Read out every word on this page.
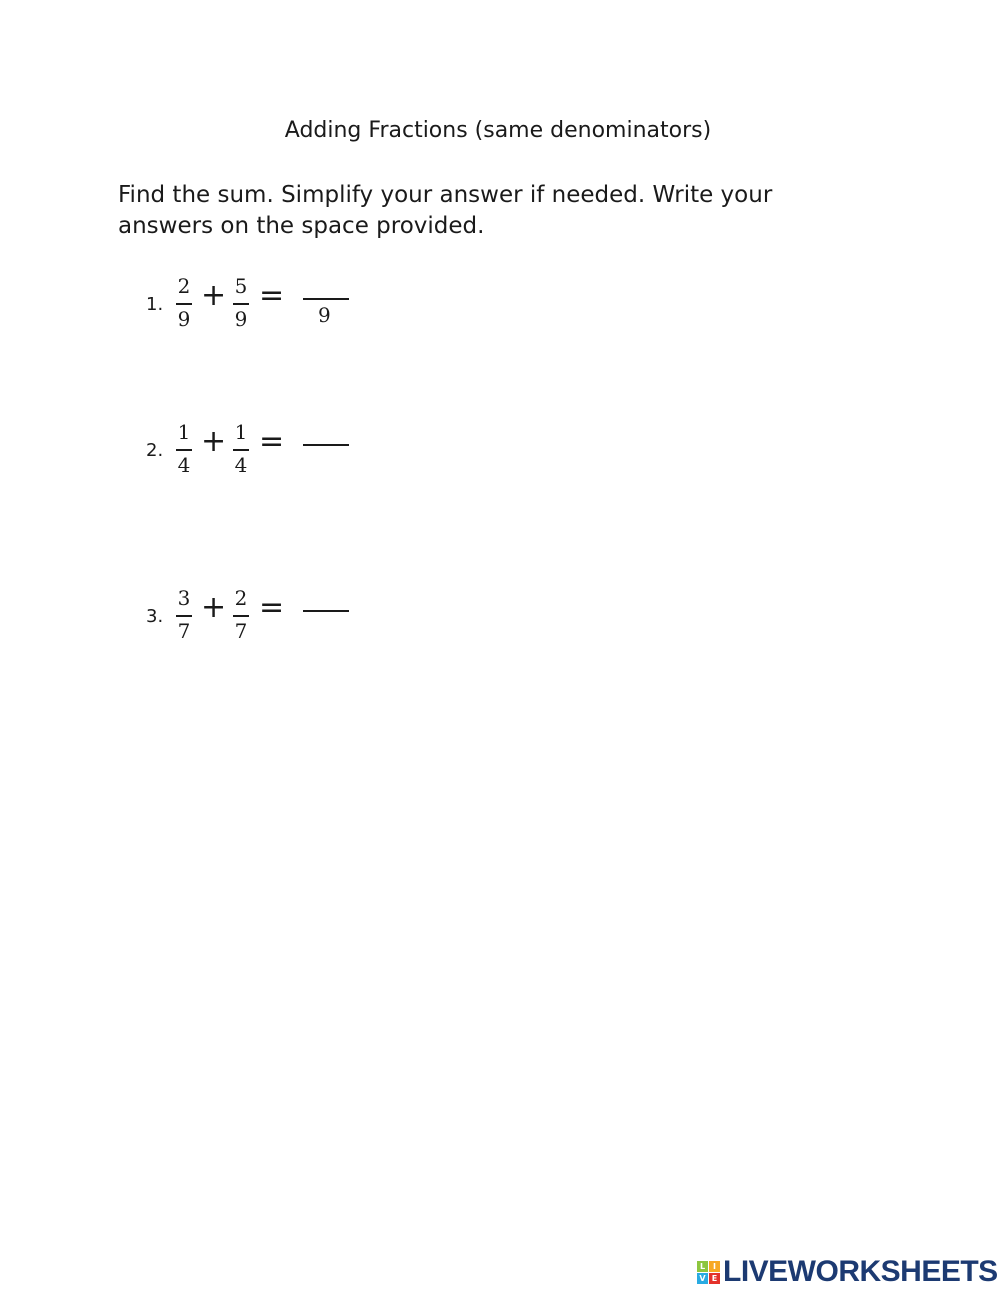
Adding Fractions (same denominators)
Find the sum. Simplify your answer if needed. Write your answers on the space provided.
1.
2
9
+ 5
9
=
9
2.
1
4
+ 1
4
=
3.
3
7
+ 2
7
=
L I
V E LIVEWORKSHEETS
